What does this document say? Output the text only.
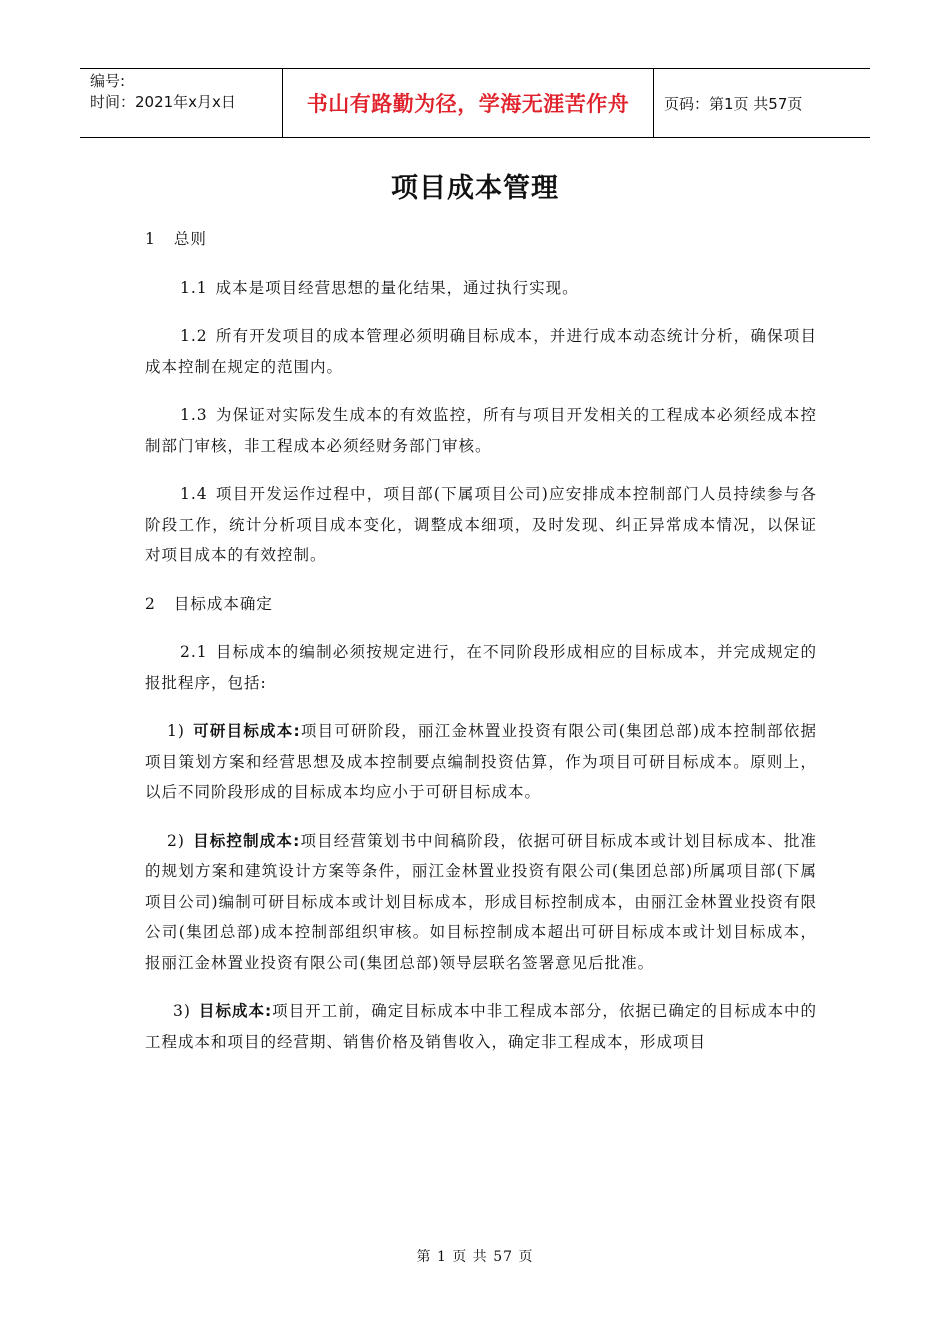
编号:
时间：2021年x月x日	书山有路勤为径，学海无涯苦作舟	页码：第1页 共57页
项目成本管理

1 总则

1.1 成本是项目经营思想的量化结果，通过执行实现。

1.2 所有开发项目的成本管理必须明确目标成本，并进行成本动态统计分析，确保项目成本控制在规定的范围内。

1.3 为保证对实际发生成本的有效监控，所有与项目开发相关的工程成本必须经成本控制部门审核，非工程成本必须经财务部门审核。

1.4 项目开发运作过程中，项目部(下属项目公司)应安排成本控制部门人员持续参与各阶段工作，统计分析项目成本变化，调整成本细项，及时发现、纠正异常成本情况，以保证对项目成本的有效控制。

2 目标成本确定

2.1 目标成本的编制必须按规定进行，在不同阶段形成相应的目标成本，并完成规定的报批程序，包括:

1) 可研目标成本:项目可研阶段，丽江金林置业投资有限公司(集团总部)成本控制部依据项目策划方案和经营思想及成本控制要点编制投资估算，作为项目可研目标成本。原则上，以后不同阶段形成的目标成本均应小于可研目标成本。

2) 目标控制成本:项目经营策划书中间稿阶段，依据可研目标成本或计划目标成本、批准的规划方案和建筑设计方案等条件，丽江金林置业投资有限公司(集团总部)所属项目部(下属项目公司)编制可研目标成本或计划目标成本，形成目标控制成本，由丽江金林置业投资有限公司(集团总部)成本控制部组织审核。如目标控制成本超出可研目标成本或计划目标成本，报丽江金林置业投资有限公司(集团总部)领导层联名签署意见后批准。

3) 目标成本:项目开工前，确定目标成本中非工程成本部分，依据已确定的目标成本中的工程成本和项目的经营期、销售价格及销售收入，确定非工程成本，形成项目

第 1 页 共 57 页
